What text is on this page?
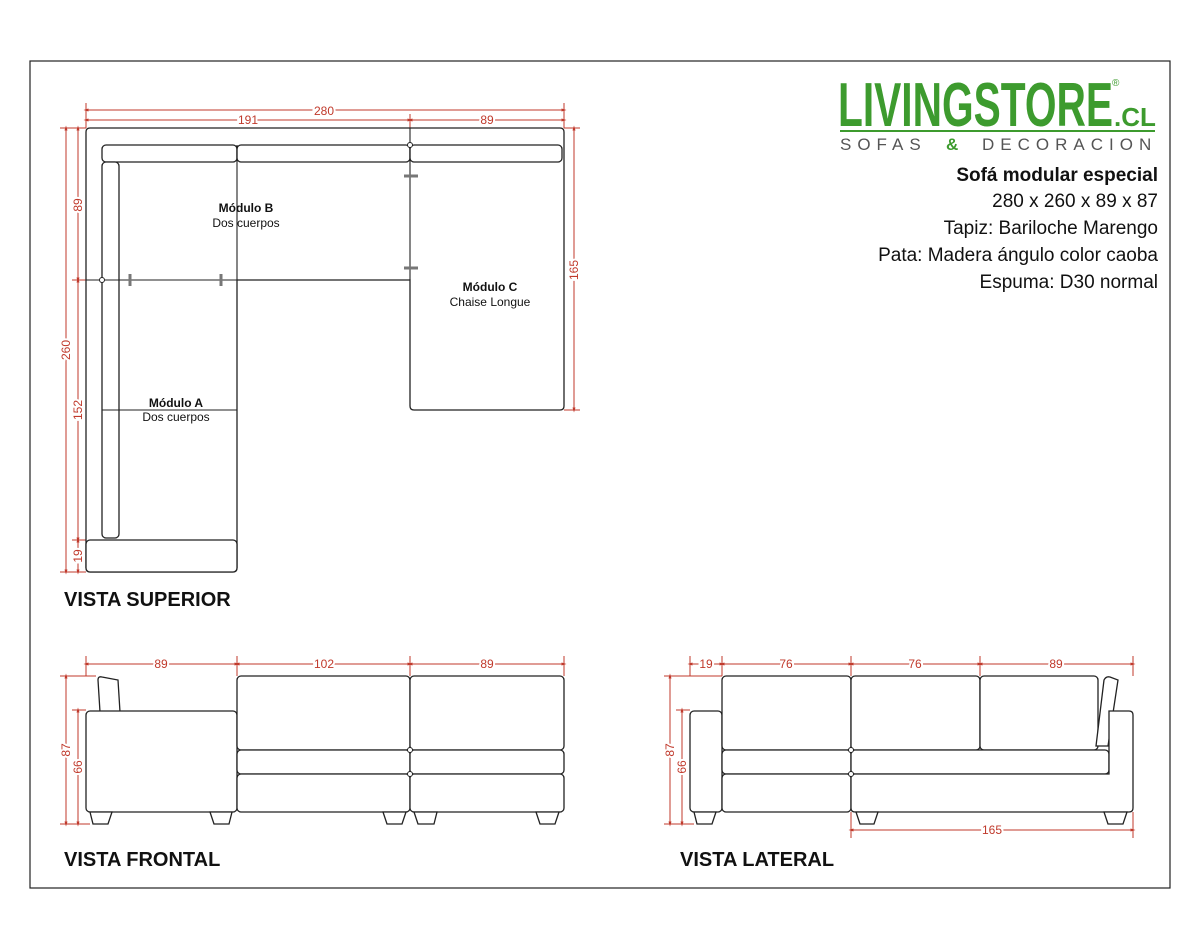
LIVINGSTORE .CL
®
SOFAS & DECORACION
Sofá modular especial
280 x 260 x 89 x 87
Tapiz: Bariloche Marengo
Pata: Madera ángulo color caoba
Espuma: D30 normal
280
191	89
260
89
152
19
165
Módulo B
Dos cuerpos
Módulo A
Dos cuerpos
Módulo C
Chaise Longue
VISTA SUPERIOR
89	102	89
87
66
VISTA FRONTAL
19	76	76	89
87
66
165
VISTA LATERAL
